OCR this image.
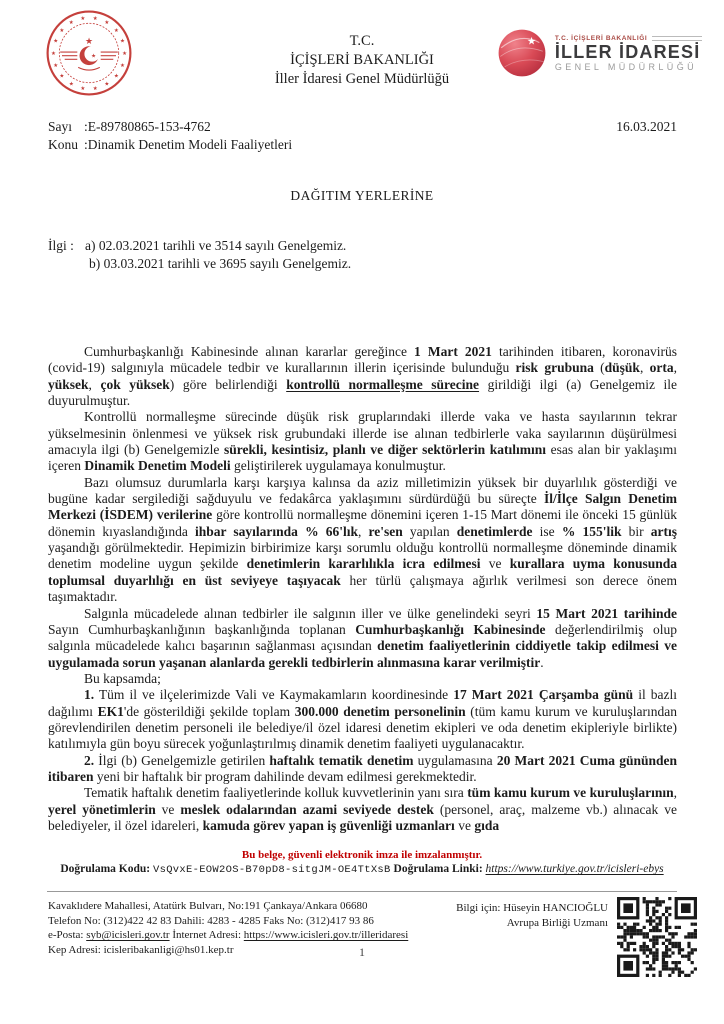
★
★
★
★
★
★
★
★
★
★
★
★
★
★ ★
★
★
★
★
★
T.C.
İÇİŞLERİ BAKANLIĞI
İller İdaresi Genel Müdürlüğü
★	T.C. İÇİŞLERİ BAKANLIĞI
İLLER İDARESİ
GENEL MÜDÜRLÜĞÜ
Sayı :E-89780865-153-4762	16.03.2021
Konu :Dinamik Denetim Modeli Faaliyetleri
DAĞITIM YERLERİNE
İlgi : a) 02.03.2021 tarihli ve 3514 sayılı Genelgemiz.
b) 03.03.2021 tarihli ve 3695 sayılı Genelgemiz.
Cumhurbaşkanlığı Kabinesinde alınan kararlar gereğince 1 Mart 2021 tarihinden itibaren, koronavirüs (covid-19) salgınıyla mücadele tedbir ve kurallarının illerin içerisinde bulunduğu risk grubuna (düşük, orta, yüksek, çok yüksek) göre belirlendiği kontrollü normalleşme sürecine girildiği ilgi (a) Genelgemiz ile duyurulmuştur.
Kontrollü normalleşme sürecinde düşük risk gruplarındaki illerde vaka ve hasta sayılarının tekrar yükselmesinin önlenmesi ve yüksek risk grubundaki illerde ise alınan tedbirlerle vaka sayılarının düşürülmesi amacıyla ilgi (b) Genelgemizle sürekli, kesintisiz, planlı ve diğer sektörlerin katılımını esas alan bir yaklaşımı içeren Dinamik Denetim Modeli geliştirilerek uygulamaya konulmuştur.
Bazı olumsuz durumlarla karşı karşıya kalınsa da aziz milletimizin yüksek bir duyarlılık gösterdiği ve bugüne kadar sergilediği sağduyulu ve fedakârca yaklaşımını sürdürdüğü bu süreçte İl/İlçe Salgın Denetim Merkezi (İSDEM) verilerine göre kontrollü normalleşme dönemini içeren 1-15 Mart dönemi ile önceki 15 günlük dönemin kıyaslandığında ihbar sayılarında % 66'lık, re'sen yapılan denetimlerde ise % 155'lik bir artış yaşandığı görülmektedir. Hepimizin birbirimize karşı sorumlu olduğu kontrollü normalleşme döneminde dinamik denetim modeline uygun şekilde denetimlerin kararlılıkla icra edilmesi ve kurallara uyma konusunda toplumsal duyarlılığı en üst seviyeye taşıyacak her türlü çalışmaya ağırlık verilmesi son derece önem taşımaktadır.
Salgınla mücadelede alınan tedbirler ile salgının iller ve ülke genelindeki seyri 15 Mart 2021 tarihinde Sayın Cumhurbaşkanlığının başkanlığında toplanan Cumhurbaşkanlığı Kabinesinde değerlendirilmiş olup salgınla mücadelede kalıcı başarının sağlanması açısından denetim faaliyetlerinin ciddiyetle takip edilmesi ve uygulamada sorun yaşanan alanlarda gerekli tedbirlerin alınmasına karar verilmiştir.
Bu kapsamda;
1. Tüm il ve ilçelerimizde Vali ve Kaymakamların koordinesinde 17 Mart 2021 Çarşamba günü il bazlı dağılımı EK1'de gösterildiği şekilde toplam 300.000 denetim personelinin (tüm kamu kurum ve kuruluşlarından görevlendirilen denetim personeli ile belediye/il özel idaresi denetim ekipleri ve oda denetim ekipleriyle birlikte) katılımıyla gün boyu sürecek yoğunlaştırılmış dinamik denetim faaliyeti uygulanacaktır.
2. İlgi (b) Genelgemizle getirilen haftalık tematik denetim uygulamasına 20 Mart 2021 Cuma gününden itibaren yeni bir haftalık bir program dahilinde devam edilmesi gerekmektedir.
Tematik haftalık denetim faaliyetlerinde kolluk kuvvetlerinin yanı sıra tüm kamu kurum ve kuruluşlarının, yerel yönetimlerin ve meslek odalarından azami seviyede destek (personel, araç, malzeme vb.) alınacak ve belediyeler, il özel idareleri, kamuda görev yapan iş güvenliği uzmanları ve gıda
Bu belge, güvenli elektronik imza ile imzalanmıştır.
Doğrulama Kodu: VsQvxE-EOW2OS-B70pD8-sitgJM-OE4TtXsB Doğrulama Linki: https://www.turkiye.gov.tr/icisleri-ebys
Kavaklıdere Mahallesi, Atatürk Bulvarı, No:191 Çankaya/Ankara 06680
Telefon No: (312)422 42 83 Dahili: 4283 - 4285 Faks No: (312)417 93 86
e-Posta: syb@icisleri.gov.tr İnternet Adresi: https://www.icisleri.gov.tr/illeridaresi
Kep Adresi: icisleribakanligi@hs01.kep.tr
Bilgi için: Hüseyin HANCIOĞLU
Avrupa Birliği Uzmanı
1
